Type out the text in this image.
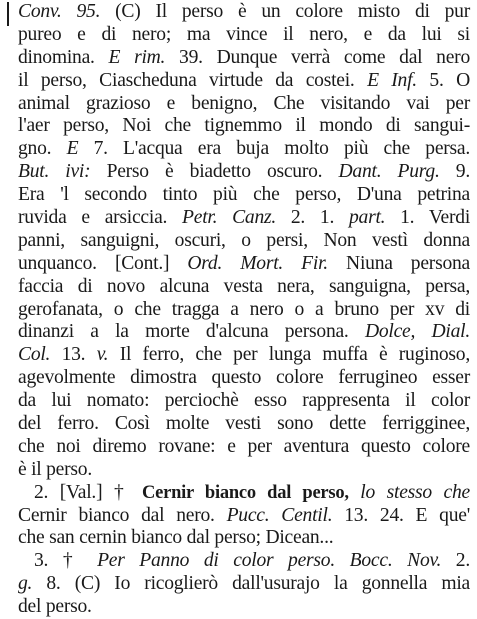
Conv. 95. (C) Il perso è un colore misto di pur
pureo e di nero; ma vince il nero, e da lui si
dinomina. E rim. 39. Dunque verrà come dal nero
il perso, Ciascheduna virtude da costei. E Inf. 5. O
animal grazioso e benigno, Che visitando vai per
l'aer perso, Noi che tignemmo il mondo di sangui-
gno. E 7. L'acqua era buja molto più che persa.
But. ivi: Perso è biadetto oscuro. Dant. Purg. 9.
Era 'l secondo tinto più che perso, D'una petrina
ruvida e arsiccia. Petr. Canz. 2. 1. part. 1. Verdi
panni, sanguigni, oscuri, o persi, Non vestì donna
unquanco. [Cont.] Ord. Mort. Fir. Niuna persona
faccia di novo alcuna vesta nera, sanguigna, persa,
gerofanata, o che tragga a nero o a bruno per xv di
dinanzi a la morte d'alcuna persona. Dolce, Dial.
Col. 13. v. Il ferro, che per lunga muffa è ruginoso,
agevolmente dimostra questo colore ferrugineo esser
da lui nomato: perciochè esso rappresenta il color
del ferro. Così molte vesti sono dette ferrigginee,
che noi diremo rovane: e per aventura questo colore
è il perso.
2. [Val.] † Cernir bianco dal perso, lo stesso che
Cernir bianco dal nero. Pucc. Centil. 13. 24. E que'
che san cernin bianco dal perso; Dicean...
3. † Per Panno di color perso. Bocc. Nov. 2.
g. 8. (C) Io ricoglierò dall'usurajo la gonnella mia
del perso.
